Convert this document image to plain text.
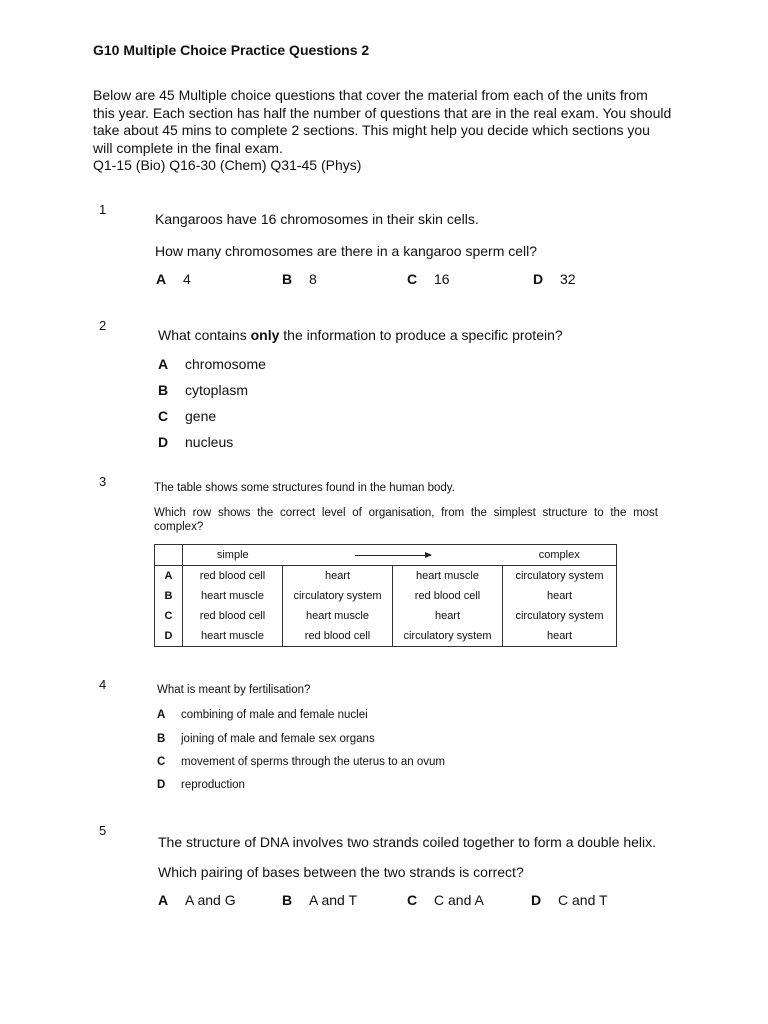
G10 Multiple Choice Practice Questions 2

Below are 45 Multiple choice questions that cover the material from each of the units from this year. Each section has half the number of questions that are in the real exam. You should take about 45 mins to complete 2 sections. This might help you decide which sections you will complete in the final exam.

Q1-15 (Bio) Q16-30 (Chem) Q31-45 (Phys)

1
Kangaroos have 16 chromosomes in their skin cells.
How many chromosomes are there in a kangaroo sperm cell?
A 4	B 8	C 16	D 32
2
What contains only the information to produce a specific protein?
A chromosome
B cytoplasm
C gene
D nucleus
3	The table shows some structures found in the human body.
Which row shows the correct level of organisation, from the simplest structure to the most complex?
	simple			complex
A	red blood cell	heart	heart muscle	circulatory system
B	heart muscle	circulatory system	red blood cell	heart
C	red blood cell	heart muscle	heart	circulatory system
D	heart muscle	red blood cell	circulatory system	heart
4	What is meant by fertilisation?
A combining of male and female nuclei
B joining of male and female sex organs
C movement of sperms through the uterus to an ovum
D reproduction
5
The structure of DNA involves two strands coiled together to form a double helix.
Which pairing of bases between the two strands is correct?
A A and G	B A and T	C C and A	D C and T
